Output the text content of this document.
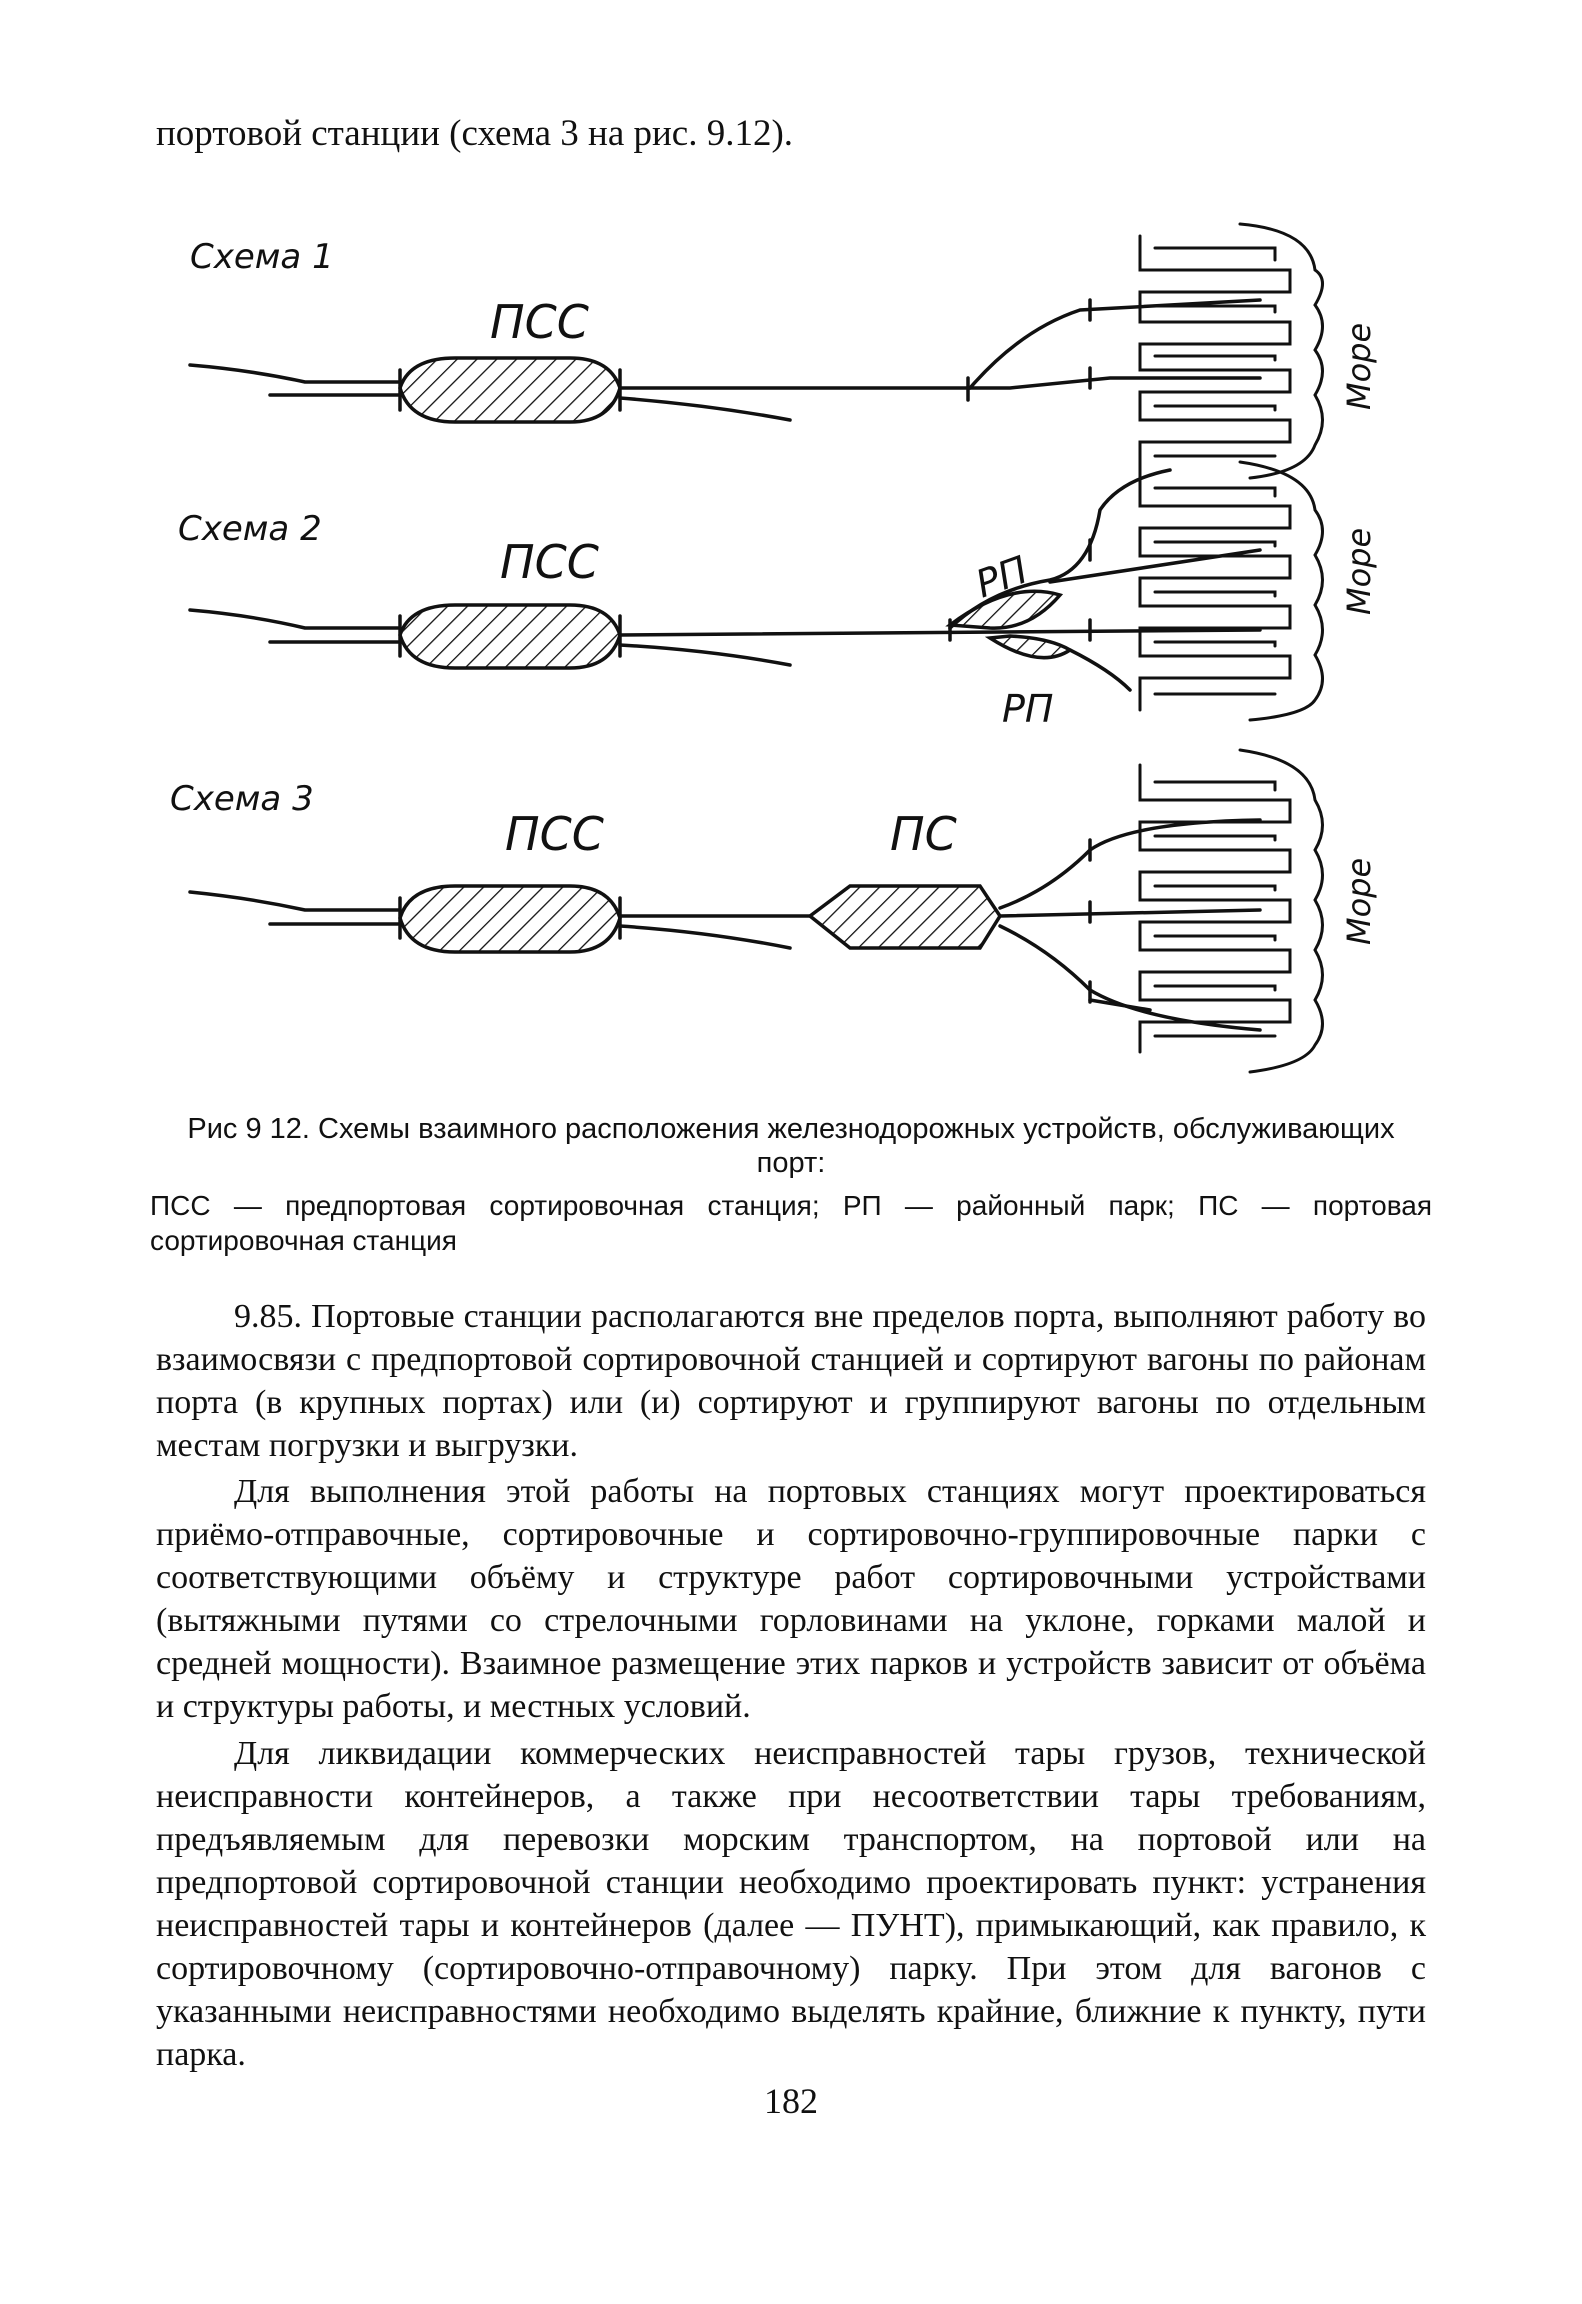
портовой станции (схема 3 на рис. 9.12).

Схема 1
ПСС
Море
Схема 2
ПСС	РП
РП
Море
Схема 3
ПСС	ПС
Море

Рис 9 12. Схемы взаимного расположения железнодорожных устройств, обслуживающих порт:

ПСС — предпортовая сортировочная станция; РП — районный парк; ПС — портовая сортировочная станция

9.85. Портовые станции располагаются вне пределов порта, выполняют работу во взаимосвязи с предпортовой сортировочной станцией и сортируют вагоны по районам порта (в крупных портах) или (и) сортируют и группируют вагоны по отдельным местам погрузки и выгрузки.

Для выполнения этой работы на портовых станциях могут проектироваться приёмо-отправочные, сортировочные и сортировочно-группировочные парки с соответствующими объёму и структуре работ сортировочными устройствами (вытяжными путями со стрелочными горловинами на уклоне, горками малой и средней мощности). Взаимное размещение этих парков и устройств зависит от объёма и структуры работы, и местных условий.

Для ликвидации коммерческих неисправностей тары грузов, технической неисправности контейнеров, а также при несоответствии тары требованиям, предъявляемым для перевозки морским транспортом, на портовой или на предпортовой сортировочной станции необходимо проектировать пункт: устранения неисправностей тары и контейнеров (далее — ПУНТ), примыкающий, как правило, к сортировочному (сортировочно-отправочному) парку. При этом для вагонов с указанными неисправностями необходимо выделять крайние, ближние к пункту, пути парка.

182
